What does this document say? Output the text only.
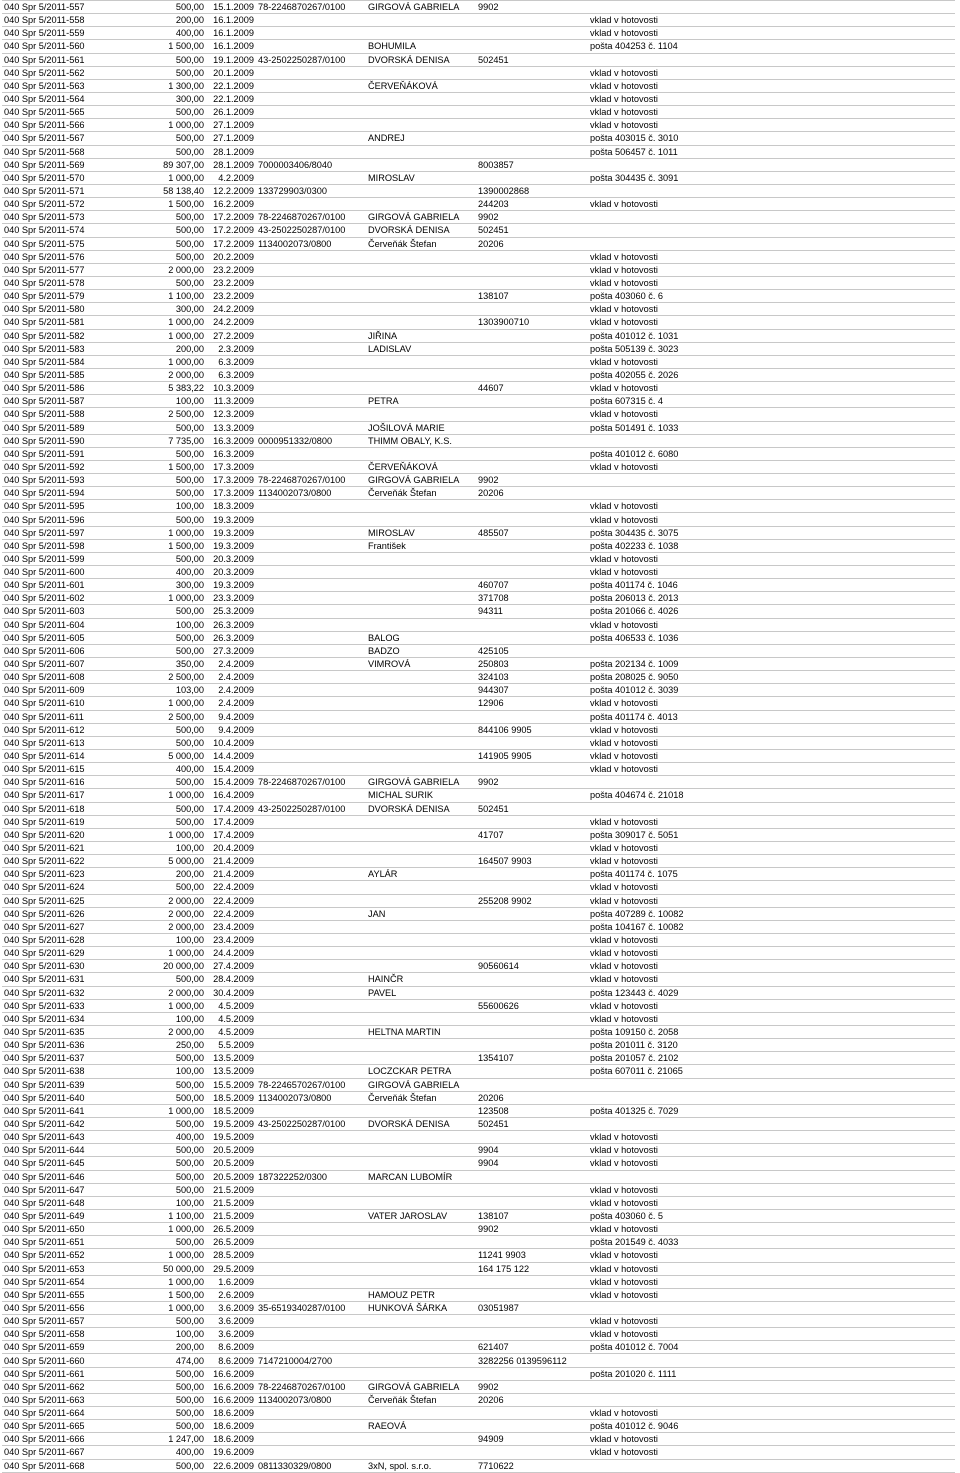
040 Spr 5/2011-557	500,00	15.1.2009	78-2246870267/0100	GIRGOVÁ GABRIELA	9902	
040 Spr 5/2011-558	200,00	16.1.2009				vklad v hotovosti
040 Spr 5/2011-559	400,00	16.1.2009				vklad v hotovosti
040 Spr 5/2011-560	1 500,00	16.1.2009		BOHUMILA		pošta 404253 č. 1104
040 Spr 5/2011-561	500,00	19.1.2009	43-2502250287/0100	DVORSKÁ DENISA	502451	
040 Spr 5/2011-562	500,00	20.1.2009				vklad v hotovosti
040 Spr 5/2011-563	1 300,00	22.1.2009		ČERVEŇÁKOVÁ		vklad v hotovosti
040 Spr 5/2011-564	300,00	22.1.2009				vklad v hotovosti
040 Spr 5/2011-565	500,00	26.1.2009				vklad v hotovosti
040 Spr 5/2011-566	1 000,00	27.1.2009				vklad v hotovosti
040 Spr 5/2011-567	500,00	27.1.2009		ANDREJ		pošta 403015 č. 3010
040 Spr 5/2011-568	500,00	28.1.2009				pošta 506457 č. 1011
040 Spr 5/2011-569	89 307,00	28.1.2009	7000003406/8040		8003857	
040 Spr 5/2011-570	1 000,00	4.2.2009		MIROSLAV		pošta 304435 č. 3091
040 Spr 5/2011-571	58 138,40	12.2.2009	133729903/0300		1390002868	
040 Spr 5/2011-572	1 500,00	16.2.2009			244203	vklad v hotovosti
040 Spr 5/2011-573	500,00	17.2.2009	78-2246870267/0100	GIRGOVÁ GABRIELA	9902	
040 Spr 5/2011-574	500,00	17.2.2009	43-2502250287/0100	DVORSKÁ DENISA	502451	
040 Spr 5/2011-575	500,00	17.2.2009	1134002073/0800	Červeňák Štefan	20206	
040 Spr 5/2011-576	500,00	20.2.2009				vklad v hotovosti
040 Spr 5/2011-577	2 000,00	23.2.2009				vklad v hotovosti
040 Spr 5/2011-578	500,00	23.2.2009				vklad v hotovosti
040 Spr 5/2011-579	1 100,00	23.2.2009			138107	pošta 403060 č. 6
040 Spr 5/2011-580	300,00	24.2.2009				vklad v hotovosti
040 Spr 5/2011-581	1 000,00	24.2.2009			1303900710	vklad v hotovosti
040 Spr 5/2011-582	1 000,00	27.2.2009		JIŘINA		pošta 401012 č. 1031
040 Spr 5/2011-583	200,00	2.3.2009		LADISLAV		pošta 505139 č. 3023
040 Spr 5/2011-584	1 000,00	6.3.2009				vklad v hotovosti
040 Spr 5/2011-585	2 000,00	6.3.2009				pošta 402055 č. 2026
040 Spr 5/2011-586	5 383,22	10.3.2009			44607	vklad v hotovosti
040 Spr 5/2011-587	100,00	11.3.2009		PETRA		pošta 607315 č. 4
040 Spr 5/2011-588	2 500,00	12.3.2009				vklad v hotovosti
040 Spr 5/2011-589	500,00	13.3.2009		JOŠILOVÁ MARIE		pošta 501491 č. 1033
040 Spr 5/2011-590	7 735,00	16.3.2009	0000951332/0800	THIMM OBALY, K.S.		
040 Spr 5/2011-591	500,00	16.3.2009				pošta 401012 č. 6080
040 Spr 5/2011-592	1 500,00	17.3.2009		ČERVEŇÁKOVÁ		vklad v hotovosti
040 Spr 5/2011-593	500,00	17.3.2009	78-2246870267/0100	GIRGOVÁ GABRIELA	9902	
040 Spr 5/2011-594	500,00	17.3.2009	1134002073/0800	Červeňák Štefan	20206	
040 Spr 5/2011-595	100,00	18.3.2009				vklad v hotovosti
040 Spr 5/2011-596	500,00	19.3.2009				vklad v hotovosti
040 Spr 5/2011-597	1 000,00	19.3.2009		MIROSLAV	485507	pošta 304435 č. 3075
040 Spr 5/2011-598	1 500,00	19.3.2009		František		pošta 402233 č. 1038
040 Spr 5/2011-599	500,00	20.3.2009				vklad v hotovosti
040 Spr 5/2011-600	400,00	20.3.2009				vklad v hotovosti
040 Spr 5/2011-601	300,00	19.3.2009			460707	pošta 401174 č. 1046
040 Spr 5/2011-602	1 000,00	23.3.2009			371708	pošta 206013 č. 2013
040 Spr 5/2011-603	500,00	25.3.2009			94311	pošta 201066 č. 4026
040 Spr 5/2011-604	100,00	26.3.2009				vklad v hotovosti
040 Spr 5/2011-605	500,00	26.3.2009		BALOG		pošta 406533 č. 1036
040 Spr 5/2011-606	500,00	27.3.2009		BADZO	425105	
040 Spr 5/2011-607	350,00	2.4.2009		VIMROVÁ	250803	pošta 202134 č. 1009
040 Spr 5/2011-608	2 500,00	2.4.2009			324103	pošta 208025 č. 9050
040 Spr 5/2011-609	103,00	2.4.2009			944307	pošta 401012 č. 3039
040 Spr 5/2011-610	1 000,00	2.4.2009			12906	vklad v hotovosti
040 Spr 5/2011-611	2 500,00	9.4.2009				pošta 401174 č. 4013
040 Spr 5/2011-612	500,00	9.4.2009			844106 9905	vklad v hotovosti
040 Spr 5/2011-613	500,00	10.4.2009				vklad v hotovosti
040 Spr 5/2011-614	5 000,00	14.4.2009			141905 9905	vklad v hotovosti
040 Spr 5/2011-615	400,00	15.4.2009				vklad v hotovosti
040 Spr 5/2011-616	500,00	15.4.2009	78-2246870267/0100	GIRGOVÁ GABRIELA	9902	
040 Spr 5/2011-617	1 000,00	16.4.2009		MICHAL SURIK		pošta 404674 č. 21018
040 Spr 5/2011-618	500,00	17.4.2009	43-2502250287/0100	DVORSKÁ DENISA	502451	
040 Spr 5/2011-619	500,00	17.4.2009				vklad v hotovosti
040 Spr 5/2011-620	1 000,00	17.4.2009			41707	pošta 309017 č. 5051
040 Spr 5/2011-621	100,00	20.4.2009				vklad v hotovosti
040 Spr 5/2011-622	5 000,00	21.4.2009			164507 9903	vklad v hotovosti
040 Spr 5/2011-623	200,00	21.4.2009		AYLÁR		pošta 401174 č. 1075
040 Spr 5/2011-624	500,00	22.4.2009				vklad v hotovosti
040 Spr 5/2011-625	2 000,00	22.4.2009			255208 9902	vklad v hotovosti
040 Spr 5/2011-626	2 000,00	22.4.2009		JAN		pošta 407289 č. 10082
040 Spr 5/2011-627	2 000,00	23.4.2009				pošta 104167 č. 10082
040 Spr 5/2011-628	100,00	23.4.2009				vklad v hotovosti
040 Spr 5/2011-629	1 000,00	24.4.2009				vklad v hotovosti
040 Spr 5/2011-630	20 000,00	27.4.2009			90560614	vklad v hotovosti
040 Spr 5/2011-631	500,00	28.4.2009		HAINČR		vklad v hotovosti
040 Spr 5/2011-632	2 000,00	30.4.2009		PAVEL		pošta 123443 č. 4029
040 Spr 5/2011-633	1 000,00	4.5.2009			55600626	vklad v hotovosti
040 Spr 5/2011-634	100,00	4.5.2009				vklad v hotovosti
040 Spr 5/2011-635	2 000,00	4.5.2009		HELTNA MARTIN		pošta 109150 č. 2058
040 Spr 5/2011-636	250,00	5.5.2009				pošta 201011 č. 3120
040 Spr 5/2011-637	500,00	13.5.2009			1354107	pošta 201057 č. 2102
040 Spr 5/2011-638	100,00	13.5.2009		LOCZCKAR PETRA		pošta 607011 č. 21065
040 Spr 5/2011-639	500,00	15.5.2009	78-2246570267/0100	GIRGOVÁ GABRIELA		
040 Spr 5/2011-640	500,00	18.5.2009	1134002073/0800	Červeňák Štefan	20206	
040 Spr 5/2011-641	1 000,00	18.5.2009			123508	pošta 401325 č. 7029
040 Spr 5/2011-642	500,00	19.5.2009	43-2502250287/0100	DVORSKÁ DENISA	502451	
040 Spr 5/2011-643	400,00	19.5.2009				vklad v hotovosti
040 Spr 5/2011-644	500,00	20.5.2009			9904	vklad v hotovosti
040 Spr 5/2011-645	500,00	20.5.2009			9904	vklad v hotovosti
040 Spr 5/2011-646	500,00	20.5.2009	187322252/0300	MARCAN LUBOMÍR		
040 Spr 5/2011-647	500,00	21.5.2009				vklad v hotovosti
040 Spr 5/2011-648	100,00	21.5.2009				vklad v hotovosti
040 Spr 5/2011-649	1 100,00	21.5.2009		VATER JAROSLAV	138107	pošta 403060 č. 5
040 Spr 5/2011-650	1 000,00	26.5.2009			9902	vklad v hotovosti
040 Spr 5/2011-651	500,00	26.5.2009				pošta 201549 č. 4033
040 Spr 5/2011-652	1 000,00	28.5.2009			11241 9903	vklad v hotovosti
040 Spr 5/2011-653	50 000,00	29.5.2009			164 175 122	vklad v hotovosti
040 Spr 5/2011-654	1 000,00	1.6.2009				vklad v hotovosti
040 Spr 5/2011-655	1 500,00	2.6.2009		HAMOUZ PETR		vklad v hotovosti
040 Spr 5/2011-656	1 000,00	3.6.2009	35-6519340287/0100	HUNKOVÁ ŠÁRKA	03051987	
040 Spr 5/2011-657	500,00	3.6.2009				vklad v hotovosti
040 Spr 5/2011-658	100,00	3.6.2009				vklad v hotovosti
040 Spr 5/2011-659	200,00	8.6.2009			621407	pošta 401012 č. 7004
040 Spr 5/2011-660	474,00	8.6.2009	7147210004/2700		3282256 0139596112	
040 Spr 5/2011-661	500,00	16.6.2009				pošta 201020 č. 1111
040 Spr 5/2011-662	500,00	16.6.2009	78-2246870267/0100	GIRGOVÁ GABRIELA	9902	
040 Spr 5/2011-663	500,00	16.6.2009	1134002073/0800	Červeňák Štefan	20206	
040 Spr 5/2011-664	500,00	18.6.2009				vklad v hotovosti
040 Spr 5/2011-665	500,00	18.6.2009		RAEOVÁ		pošta 401012 č. 9046
040 Spr 5/2011-666	1 247,00	18.6.2009			94909	vklad v hotovosti
040 Spr 5/2011-667	400,00	19.6.2009				vklad v hotovosti
040 Spr 5/2011-668	500,00	22.6.2009	0811330329/0800	3xN, spol. s.r.o.	7710622	
